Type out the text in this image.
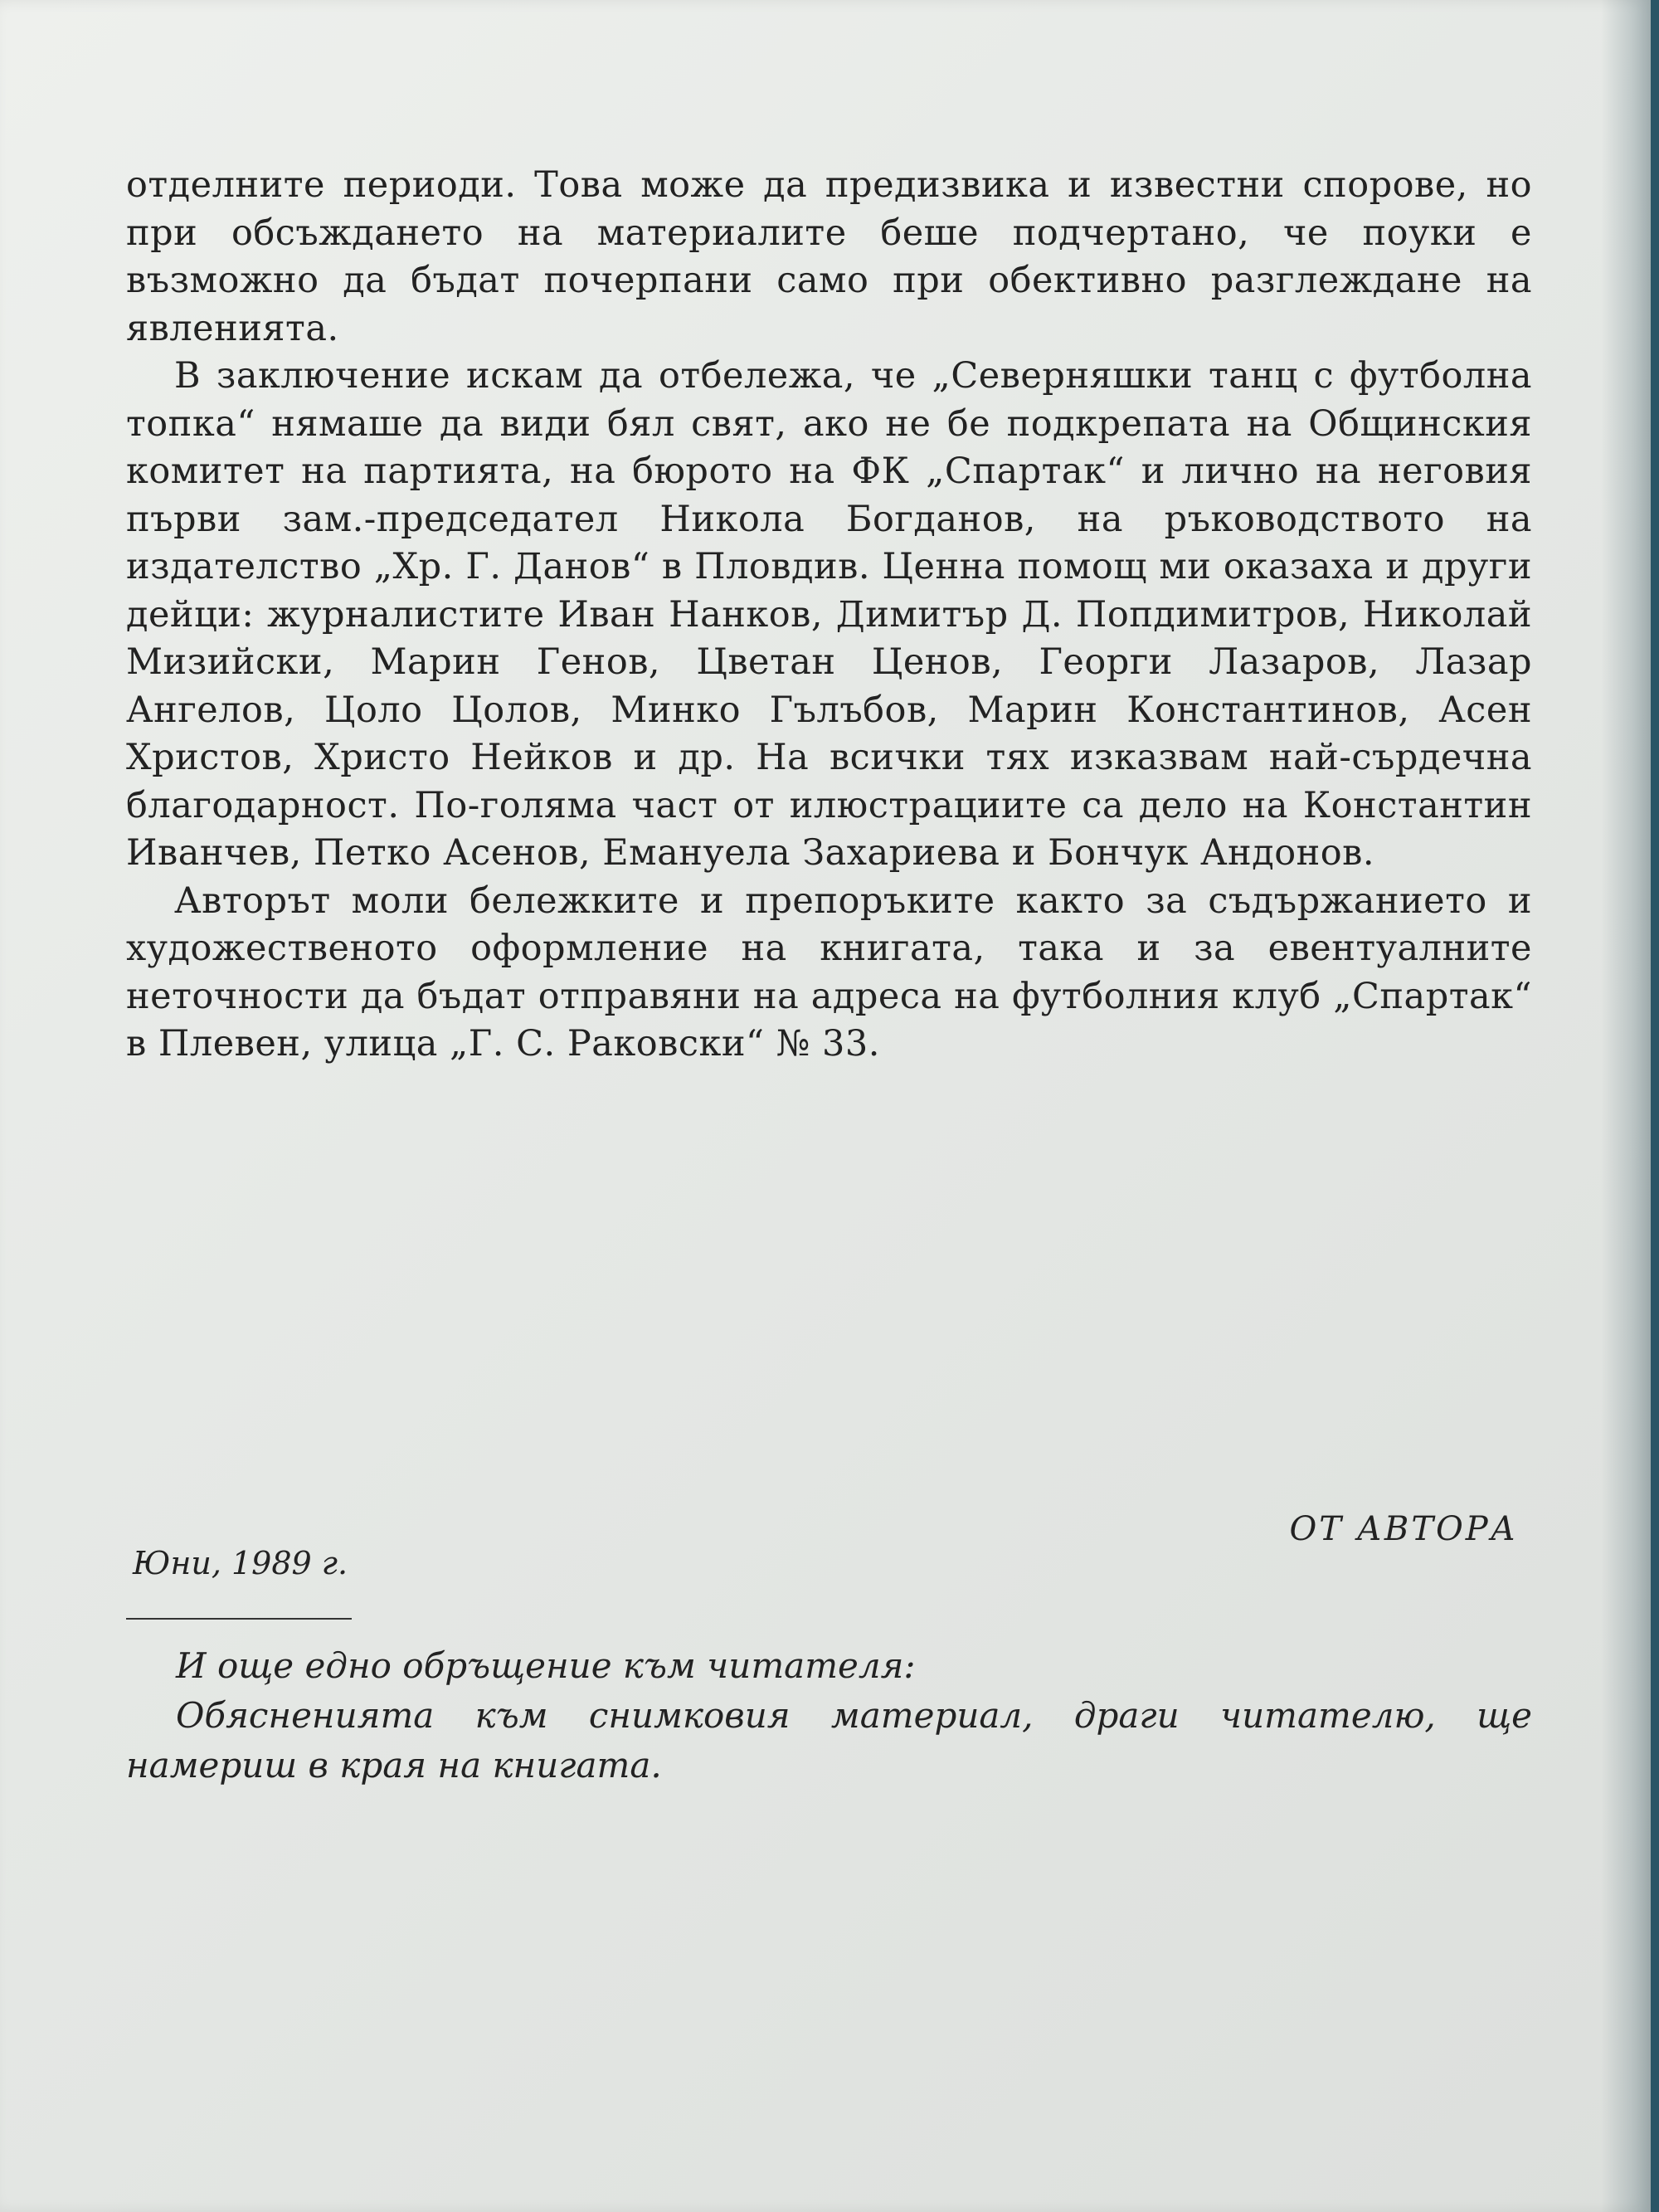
отделните периоди. Това може да предизвика и известни спорове, но при обсъждането на материалите беше подчертано, че поуки е възможно да бъдат почерпани само при обективно разглеждане на явленията.

В заключение искам да отбележа, че „Северняшки танц с футболна топка“ нямаше да види бял свят, ако не бе подкрепата на Общинския комитет на партията, на бюрото на ФК „Спартак“ и лично на неговия първи зам.-председател Никола Богданов, на ръководството на издателство „Хр. Г. Данов“ в Пловдив. Ценна помощ ми оказаха и други дейци: журналистите Иван Нанков, Димитър Д. Попдимитров, Николай Мизийски, Марин Генов, Цветан Ценов, Георги Лазаров, Лазар Ангелов, Цоло Цолов, Минко Гълъбов, Марин Константинов, Асен Христов, Христо Нейков и др. На всички тях изказвам най-сърдечна благодарност. По-голяма част от илюстрациите са дело на Константин Иванчев, Петко Асенов, Емануела Захариева и Бончук Андонов.

Авторът моли бележките и препоръките както за съдържанието и художественото оформление на книгата, така и за евентуалните неточности да бъдат отправяни на адреса на футболния клуб „Спартак“ в Плевен, улица „Г. С. Раковски“ № 33.

ОТ АВТОРА
Юни, 1989 г.

И още едно обръщение към читателя:

Обясненията към снимковия материал, драги читателю, ще намериш в края на книгата.
